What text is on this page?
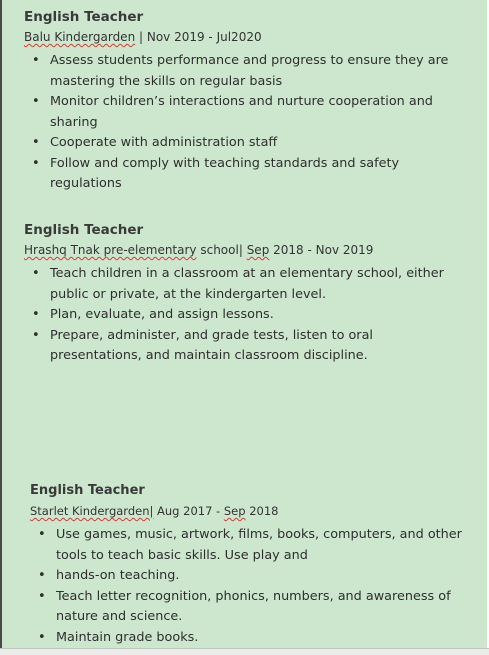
English Teacher
Balu Kindergarden | Nov 2019 - Jul2020
• Assess students performance and progress to ensure they are mastering the skills on regular basis
• Monitor children’s interactions and nurture cooperation and sharing
• Cooperate with administration staff
• Follow and comply with teaching standards and safety regulations
English Teacher
Hrashq Tnak pre-elementary school| Sep 2018 - Nov 2019
• Teach children in a classroom at an elementary school, either public or private, at the kindergarten level.
• Plan, evaluate, and assign lessons.
• Prepare, administer, and grade tests, listen to oral presentations, and maintain classroom discipline.
English Teacher
Starlet Kindergarden| Aug 2017 - Sep 2018
• Use games, music, artwork, films, books, computers, and other tools to teach basic skills. Use play and
• hands-on teaching.
• Teach letter recognition, phonics, numbers, and awareness of nature and science.
• Maintain grade books.
